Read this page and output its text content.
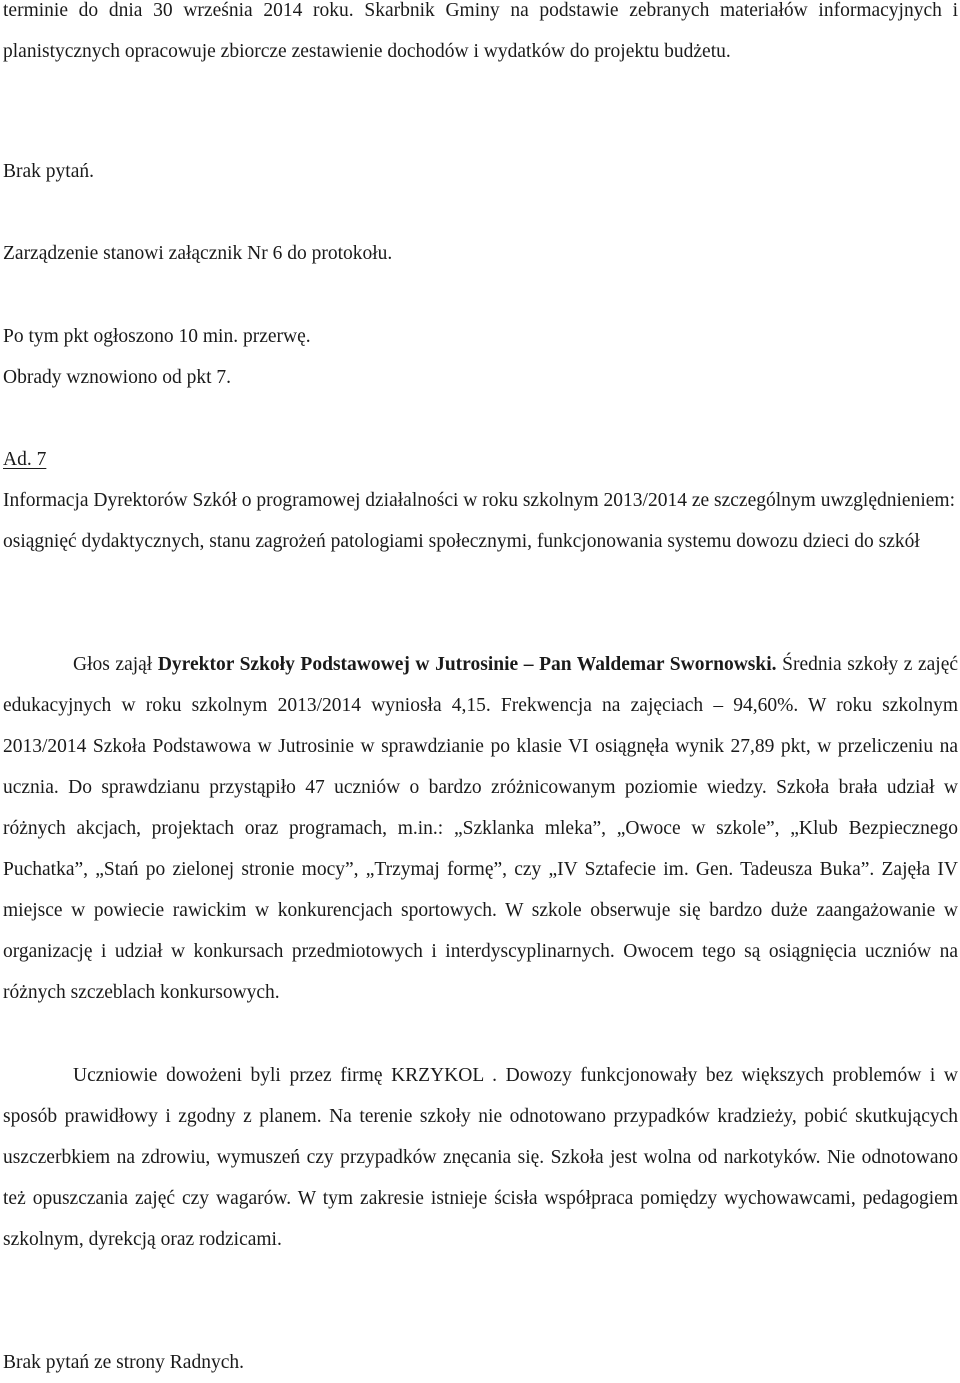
terminie do dnia 30 września 2014 roku. Skarbnik Gminy na podstawie zebranych materiałów informacyjnych i planistycznych opracowuje zbiorcze zestawienie dochodów i wydatków do projektu budżetu.

Brak pytań.

Zarządzenie stanowi załącznik Nr 6 do protokołu.

Po tym pkt ogłoszono 10 min. przerwę.

Obrady wznowiono od pkt 7.

Ad. 7

Informacja Dyrektorów Szkół o programowej działalności w roku szkolnym 2013/2014 ze szczególnym uwzględnieniem: osiągnięć dydaktycznych, stanu zagrożeń patologiami społecznymi, funkcjonowania systemu dowozu dzieci do szkół

Głos zajął Dyrektor Szkoły Podstawowej w Jutrosinie – Pan Waldemar Swornowski. Średnia szkoły z zajęć edukacyjnych w roku szkolnym 2013/2014 wyniosła 4,15. Frekwencja na zajęciach – 94,60%. W roku szkolnym 2013/2014 Szkoła Podstawowa w Jutrosinie w sprawdzianie po klasie VI osiągnęła wynik 27,89 pkt, w przeliczeniu na ucznia. Do sprawdzianu przystąpiło 47 uczniów o bardzo zróżnicowanym poziomie wiedzy. Szkoła brała udział w różnych akcjach, projektach oraz programach, m.in.: „Szklanka mleka”, „Owoce w szkole”, „Klub Bezpiecznego Puchatka”, „Stań po zielonej stronie mocy”, „Trzymaj formę”, czy „IV Sztafecie im. Gen. Tadeusza Buka”. Zajęła IV miejsce w powiecie rawickim w konkurencjach sportowych. W szkole obserwuje się bardzo duże zaangażowanie w organizację i udział w konkursach przedmiotowych i interdyscyplinarnych. Owocem tego są osiągnięcia uczniów na różnych szczeblach konkursowych.

Uczniowie dowożeni byli przez firmę KRZYKOL . Dowozy funkcjonowały bez większych problemów i w sposób prawidłowy i zgodny z planem. Na terenie szkoły nie odnotowano przypadków kradzieży, pobić skutkujących uszczerbkiem na zdrowiu, wymuszeń czy przypadków znęcania się. Szkoła jest wolna od narkotyków. Nie odnotowano też opuszczania zajęć czy wagarów. W tym zakresie istnieje ścisła współpraca pomiędzy wychowawcami, pedagogiem szkolnym, dyrekcją oraz rodzicami.

Brak pytań ze strony Radnych.
